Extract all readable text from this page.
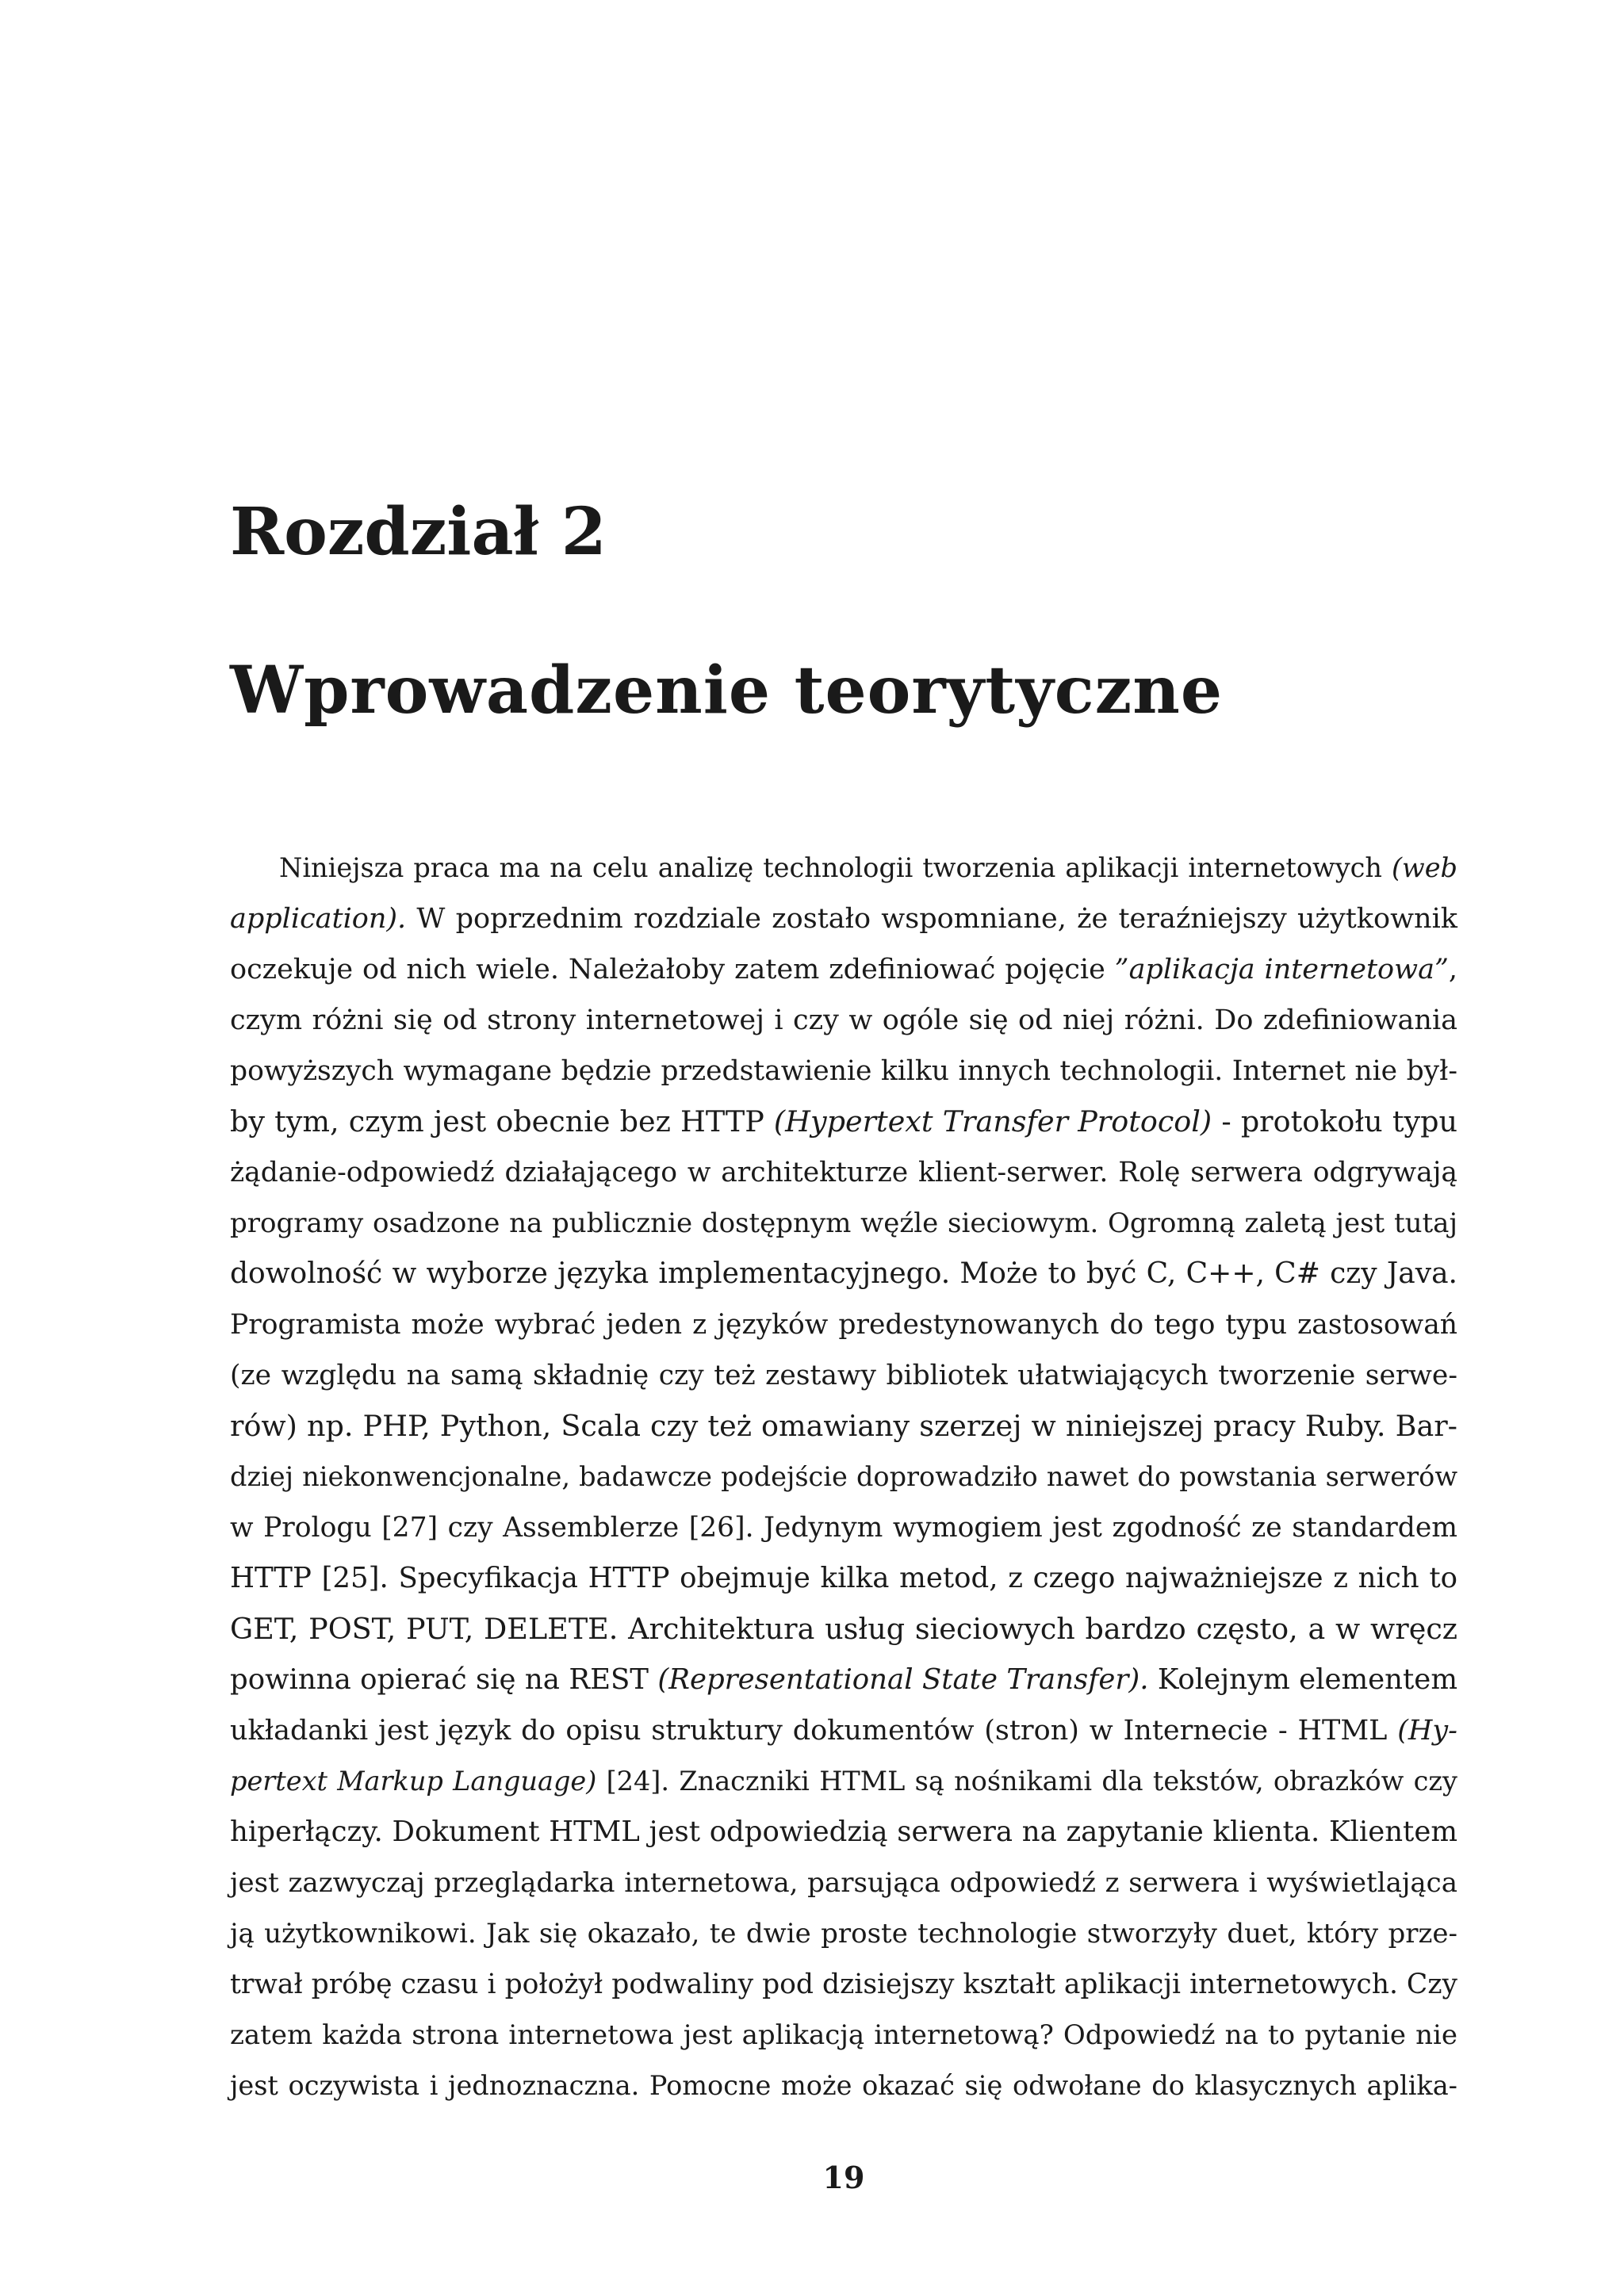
Rozdział 2
Wprowadzenie teorytyczne
Niniejsza praca ma na celu analizę technologii tworzenia aplikacji internetowych (web
application). W poprzednim rozdziale zostało wspomniane, że teraźniejszy użytkownik
oczekuje od nich wiele. Należałoby zatem zdefiniować pojęcie ”aplikacja internetowa”,
czym różni się od strony internetowej i czy w ogóle się od niej różni. Do zdefiniowania
powyższych wymagane będzie przedstawienie kilku innych technologii. Internet nie był-
by tym, czym jest obecnie bez HTTP (Hypertext Transfer Protocol) - protokołu typu
żądanie-odpowiedź działającego w architekturze klient-serwer. Rolę serwera odgrywają
programy osadzone na publicznie dostępnym węźle sieciowym. Ogromną zaletą jest tutaj
dowolność w wyborze języka implementacyjnego. Może to być C, C++, C# czy Java.
Programista może wybrać jeden z języków predestynowanych do tego typu zastosowań
(ze względu na samą składnię czy też zestawy bibliotek ułatwiających tworzenie serwe-
rów) np. PHP, Python, Scala czy też omawiany szerzej w niniejszej pracy Ruby. Bar-
dziej niekonwencjonalne, badawcze podejście doprowadziło nawet do powstania serwerów
w Prologu [27] czy Assemblerze [26]. Jedynym wymogiem jest zgodność ze standardem
HTTP [25]. Specyfikacja HTTP obejmuje kilka metod, z czego najważniejsze z nich to
GET, POST, PUT, DELETE. Architektura usług sieciowych bardzo często, a w wręcz
powinna opierać się na REST (Representational State Transfer). Kolejnym elementem
układanki jest język do opisu struktury dokumentów (stron) w Internecie - HTML (Hy-
pertext Markup Language) [24]. Znaczniki HTML są nośnikami dla tekstów, obrazków czy
hiperłączy. Dokument HTML jest odpowiedzią serwera na zapytanie klienta. Klientem
jest zazwyczaj przeglądarka internetowa, parsująca odpowiedź z serwera i wyświetlająca
ją użytkownikowi. Jak się okazało, te dwie proste technologie stworzyły duet, który prze-
trwał próbę czasu i położył podwaliny pod dzisiejszy kształt aplikacji internetowych. Czy
zatem każda strona internetowa jest aplikacją internetową? Odpowiedź na to pytanie nie
jest oczywista i jednoznaczna. Pomocne może okazać się odwołane do klasycznych aplika-
19
